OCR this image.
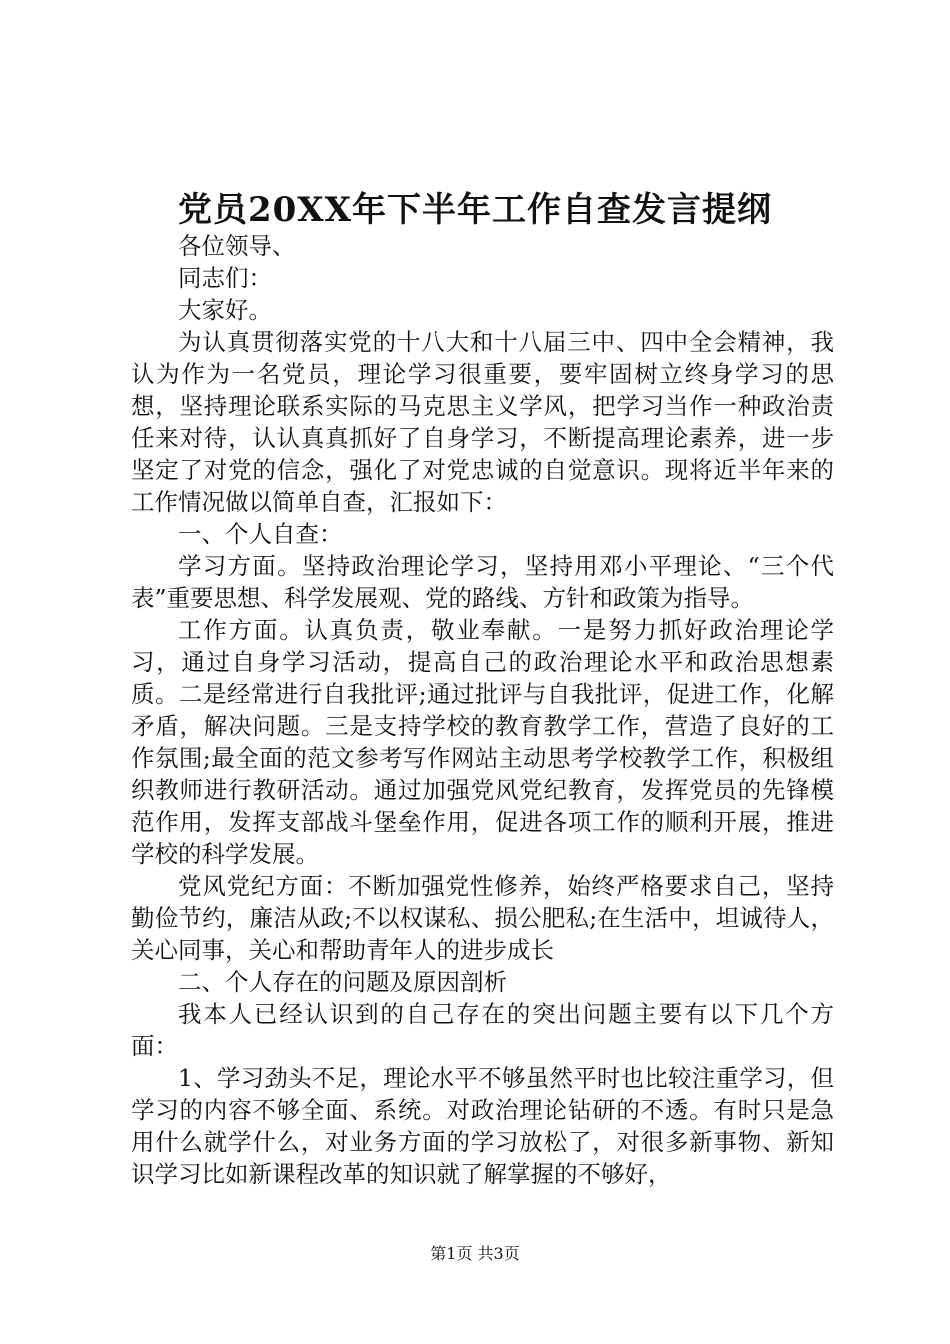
党员20XX年下半年工作自查发言提纲

各位领导、

同志们：

大家好。

为认真贯彻落实党的十八大和十八届三中、四中全会精神，我认为作为一名党员，理论学习很重要，要牢固树立终身学习的思想，坚持理论联系实际的马克思主义学风，把学习当作一种政治责任来对待，认认真真抓好了自身学习，不断提高理论素养，进一步坚定了对党的信念，强化了对党忠诚的自觉意识。现将近半年来的工作情况做以简单自查，汇报如下：

一、个人自查：

学习方面。坚持政治理论学习，坚持用邓小平理论、“三个代表”重要思想、科学发展观、党的路线、方针和政策为指导。

工作方面。认真负责，敬业奉献。一是努力抓好政治理论学习，通过自身学习活动，提高自己的政治理论水平和政治思想素质。二是经常进行自我批评;通过批评与自我批评，促进工作，化解矛盾，解决问题。三是支持学校的教育教学工作，营造了良好的工作氛围;最全面的范文参考写作网站主动思考学校教学工作，积极组织教师进行教研活动。通过加强党风党纪教育，发挥党员的先锋模范作用，发挥支部战斗堡垒作用，促进各项工作的顺利开展，推进学校的科学发展。

党风党纪方面：不断加强党性修养，始终严格要求自己，坚持勤俭节约，廉洁从政;不以权谋私、损公肥私;在生活中，坦诚待人，关心同事，关心和帮助青年人的进步成长

二、个人存在的问题及原因剖析

我本人已经认识到的自己存在的突出问题主要有以下几个方面：

1、学习劲头不足，理论水平不够虽然平时也比较注重学习，但学习的内容不够全面、系统。对政治理论钻研的不透。有时只是急用什么就学什么，对业务方面的学习放松了，对很多新事物、新知识学习比如新课程改革的知识就了解掌握的不够好，

第1页 共3页
